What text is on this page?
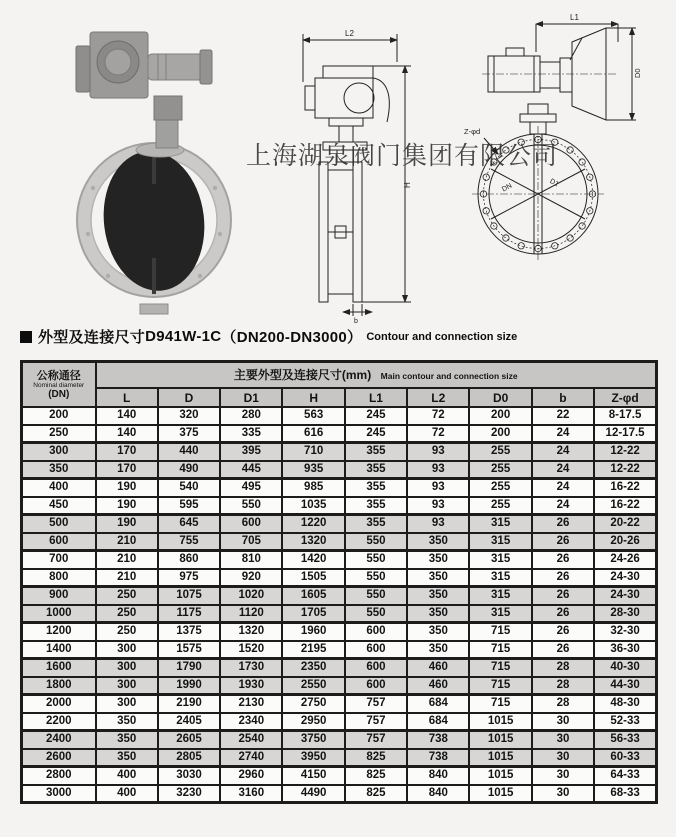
L2
H
b
L1
D0
Z-φd
DN	D1
上海湖泉阀门集团有限公司
外型及连接尺寸 D941W-1C （DN200-DN3000） Contour and connection size
公称通径
Nominal diameter
(DN)	主要外型及连接尺寸(mm) Main contour and connection size								
	L	D	D1	H	L1	L2	D0	b	Z-φd
200	140	320	280	563	245	72	200	22	8-17.5
250	140	375	335	616	245	72	200	24	12-17.5
300	170	440	395	710	355	93	255	24	12-22
350	170	490	445	935	355	93	255	24	12-22
400	190	540	495	985	355	93	255	24	16-22
450	190	595	550	1035	355	93	255	24	16-22
500	190	645	600	1220	355	93	315	26	20-22
600	210	755	705	1320	550	350	315	26	20-26
700	210	860	810	1420	550	350	315	26	24-26
800	210	975	920	1505	550	350	315	26	24-30
900	250	1075	1020	1605	550	350	315	26	24-30
1000	250	1175	1120	1705	550	350	315	26	28-30
1200	250	1375	1320	1960	600	350	715	26	32-30
1400	300	1575	1520	2195	600	350	715	26	36-30
1600	300	1790	1730	2350	600	460	715	28	40-30
1800	300	1990	1930	2550	600	460	715	28	44-30
2000	300	2190	2130	2750	757	684	715	28	48-30
2200	350	2405	2340	2950	757	684	1015	30	52-33
2400	350	2605	2540	3750	757	738	1015	30	56-33
2600	350	2805	2740	3950	825	738	1015	30	60-33
2800	400	3030	2960	4150	825	840	1015	30	64-33
3000	400	3230	3160	4490	825	840	1015	30	68-33
